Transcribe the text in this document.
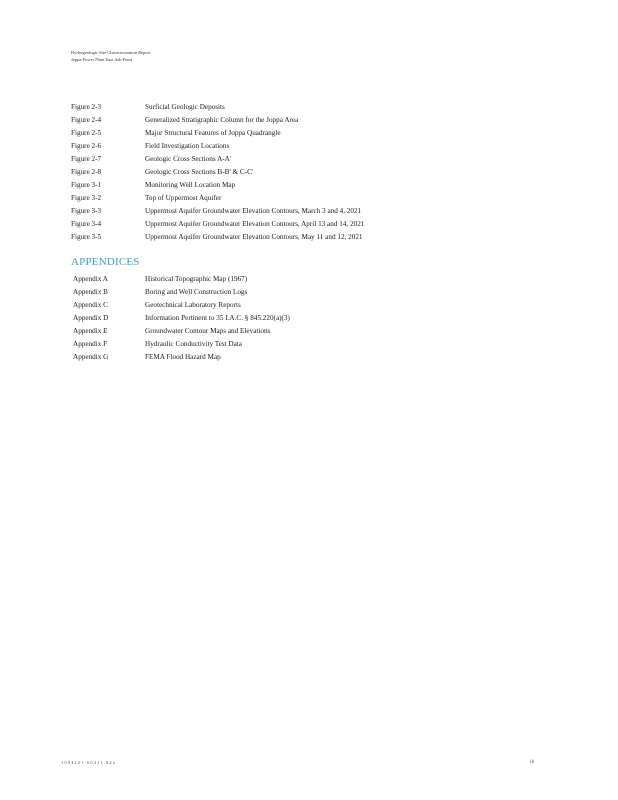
Hydrogeologic Site Characterization Report
Joppa Power Plant East Ash Pond
Figure 2-3	Surficial Geologic Deposits
Figure 2-4	Generalized Stratigraphic Column for the Joppa Area
Figure 2-5	Major Structural Features of Joppa Quadrangle
Figure 2-6	Field Investigation Locations
Figure 2-7	Geologic Cross Sections A-A'
Figure 2-8	Geologic Cross Sections B-B' & C-C'
Figure 3-1	Monitoring Well Location Map
Figure 3-2	Top of Uppermost Aquifer
Figure 3-3	Uppermost Aquifer Groundwater Elevation Contours, March 3 and 4, 2021
Figure 3-4	Uppermost Aquifer Groundwater Elevation Contours, April 13 and 14, 2021
Figure 3-5	Uppermost Aquifer Groundwater Elevation Contours, May 11 and 12, 2021
APPENDICES
Appendix A	Historical Topographic Map (1967)
Appendix B	Boring and Well Construction Logs
Appendix C	Geotechnical Laboratory Reports
Appendix D	Information Pertinent to 35 I.A.C. § 845.220(a)(3)
Appendix E	Groundwater Contour Maps and Elevations
Appendix F	Hydraulic Conductivity Test Data
Appendix G	FEMA Flood Hazard Map
1 0 8 4 1 2 1 . 0 0 4 1 1 . 0 2 2	iii
